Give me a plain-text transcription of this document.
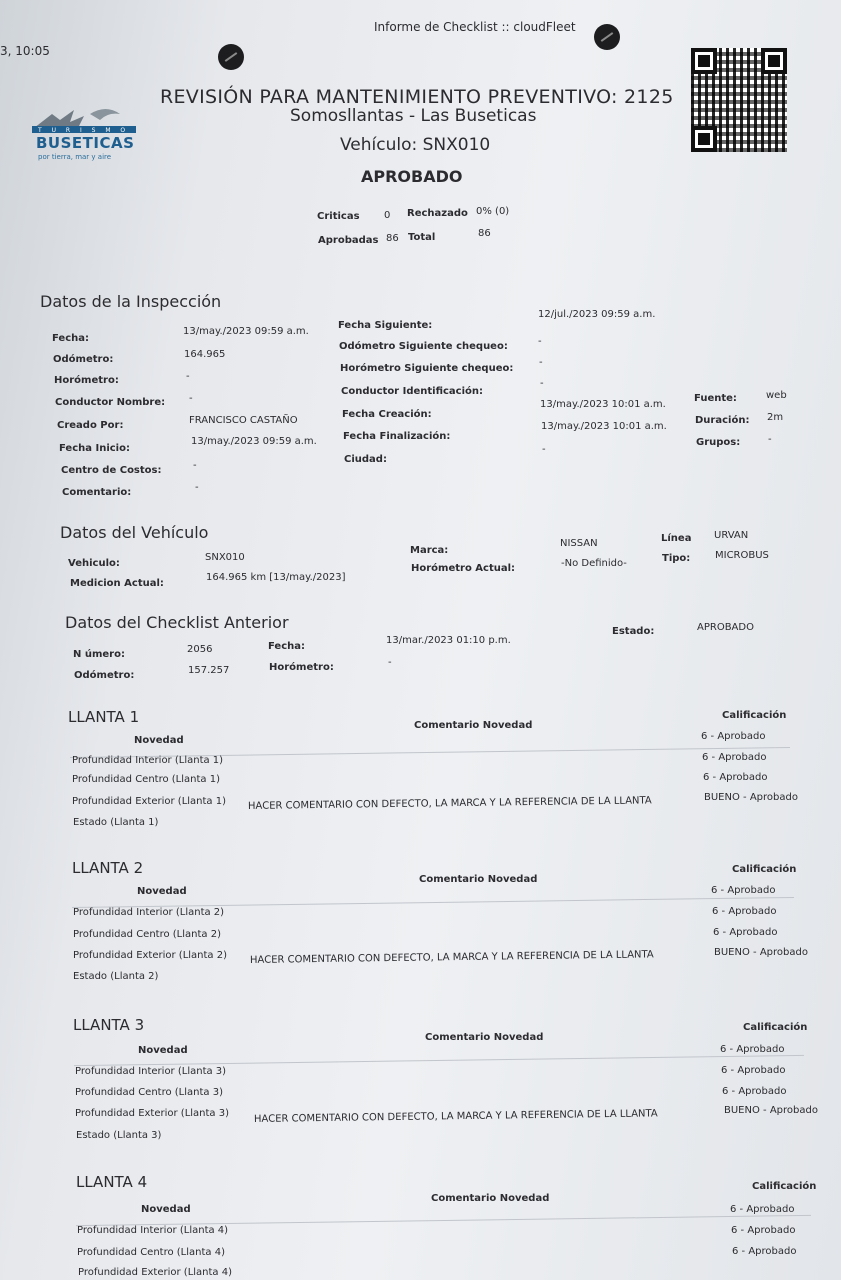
3, 10:05
Informe de Checklist :: cloudFleet
T U R I S M O
BUSETICAS
por tierra, mar y aire
REVISIÓN PARA MANTENIMIENTO PREVENTIVO: 2125
Somosllantas - Las Buseticas
Vehículo: SNX010
APROBADO
Criticas 0 Rechazado 0% (0)
Aprobadas 86 Total	86
Datos de la Inspección
Fecha:
13/may./2023 09:59 a.m.
Odómetro:	164.965
Horómetro:	-
Conductor Nombre: -
Creado Por:	FRANCISCO CASTAÑO
Fecha Inicio:
13/may./2023 09:59 a.m.
Centro de Costos:	-
Comentario:	-
Fecha Siguiente:
12/jul./2023 09:59 a.m.
Odómetro Siguiente chequeo:	-
Horómetro Siguiente chequeo:
-
Conductor Identificación:
-
Fecha Creación:
13/may./2023 10:01 a.m.
Fecha Finalización:
13/may./2023 10:01 a.m.
Ciudad:
-
Fuente:	web
Duración: 2m
Grupos:	-
Datos del Vehículo
Vehiculo:
SNX010
Medicion Actual:
164.965 km [13/may./2023]
Marca:
NISSAN
Horómetro Actual:	-No Definido-
Línea URVAN
Tipo: MICROBUS
Datos del Checklist Anterior
N úmero:	2056
Odómetro:	157.257
Fecha:
13/mar./2023 01:10 p.m.
Horómetro:	-
Estado:	APROBADO
LLANTA 1
Novedad
Comentario Novedad
Calificación
Profundidad Interior (Llanta 1)
6 - Aprobado
Profundidad Centro (Llanta 1)
6 - Aprobado
Profundidad Exterior (Llanta 1)
6 - Aprobado
Estado (Llanta 1)
HACER COMENTARIO CON DEFECTO, LA MARCA Y LA REFERENCIA DE LA LLANTA	BUENO - Aprobado
LLANTA 2
Novedad
Comentario Novedad
Calificación
Profundidad Interior (Llanta 2)
6 - Aprobado
Profundidad Centro (Llanta 2)
6 - Aprobado
Profundidad Exterior (Llanta 2)
6 - Aprobado
Estado (Llanta 2)
HACER COMENTARIO CON DEFECTO, LA MARCA Y LA REFERENCIA DE LA LLANTA	BUENO - Aprobado
LLANTA 3
Novedad
Comentario Novedad
Calificación
Profundidad Interior (Llanta 3)
6 - Aprobado
Profundidad Centro (Llanta 3)
6 - Aprobado
Profundidad Exterior (Llanta 3)
6 - Aprobado
Estado (Llanta 3)
HACER COMENTARIO CON DEFECTO, LA MARCA Y LA REFERENCIA DE LA LLANTA	BUENO - Aprobado
LLANTA 4
Novedad
Comentario Novedad
Calificación
Profundidad Interior (Llanta 4)
6 - Aprobado
Profundidad Centro (Llanta 4)
6 - Aprobado
Profundidad Exterior (Llanta 4)
6 - Aprobado
